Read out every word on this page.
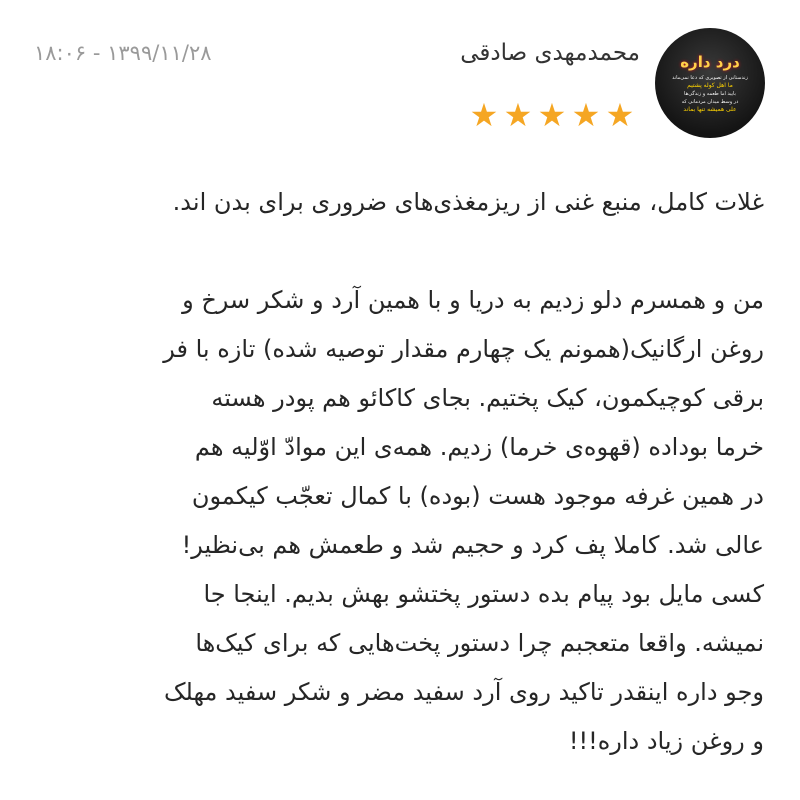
درد داره
زندستانی از تصویری که دعا نمی‌ماند
ما اهل کوله پشتیم
بایید اما طعمه و زندگی‌ها
در وسط میدان مردمانی که
علی همیشه تنها بماند
محمدمهدی صادقی
۱۸:۰۶ - ۱۳۹۹/۱۱/۲۸
★ ★ ★ ★ ★

غلات کامل، منبع غنی از ریزمغذی‌های ضروری برای بدن اند.

من و همسرم دلو زدیم به دریا و با همین آرد و شکر سرخ و

روغن ارگانیک(همونم یک چهارم مقدار توصیه شده) تازه با فر

برقی کوچیکمون، کیک پختیم. بجای کاکائو هم پودر هسته

خرما بوداده (قهوه‌ی خرما) زدیم. همه‌ی این موادّ اوّلیه هم

در همین غرفه موجود هست (بوده) با کمال تعجّب کیکمون

عالی شد. کاملا پف کرد و حجیم شد و طعمش هم بی‌نظیر!

کسی مایل بود پیام بده دستور پختشو بهش بدیم. اینجا جا

نمیشه. واقعا متعجبم چرا دستور پخت‌هایی که برای کیک‌ها

وجو داره اینقدر تاکید روی آرد سفید مضر و شکر سفید مهلک

و روغن زیاد داره!!!
